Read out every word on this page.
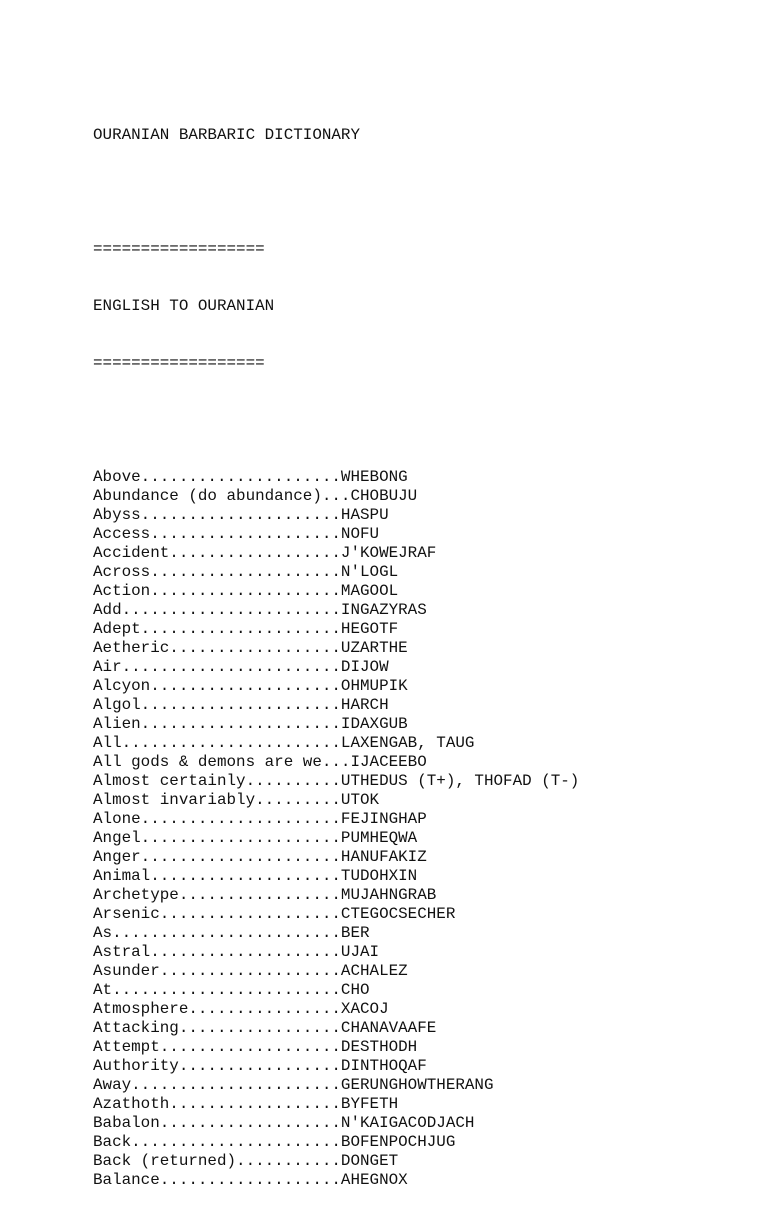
OURANIAN BARBARIC DICTIONARY

==================

ENGLISH TO OURANIAN

==================

Above.....................WHEBONG
Abundance (do abundance)...CHOBUJU
Abyss.....................HASPU
Access....................NOFU
Accident..................J'KOWEJRAF
Across....................N'LOGL
Action....................MAGOOL
Add.......................INGAZYRAS
Adept.....................HEGOTF
Aetheric..................UZARTHE
Air.......................DIJOW
Alcyon....................OHMUPIK
Algol.....................HARCH
Alien.....................IDAXGUB
All.......................LAXENGAB, TAUG
All gods & demons are we...IJACEEBO
Almost certainly..........UTHEDUS (T+), THOFAD (T-)
Almost invariably.........UTOK
Alone.....................FEJINGHAP
Angel.....................PUMHEQWA
Anger.....................HANUFAKIZ
Animal....................TUDOHXIN
Archetype.................MUJAHNGRAB
Arsenic...................CTEGOCSECHER
As........................BER
Astral....................UJAI
Asunder...................ACHALEZ
At........................CHO
Atmosphere................XACOJ
Attacking.................CHANAVAAFE
Attempt...................DESTHODH
Authority.................DINTHOQAF
Away......................GERUNGHOWTHERANG
Azathoth..................BYFETH
Babalon...................N'KAIGACODJACH
Back......................BOFENPOCHJUG
Back (returned)...........DONGET
Balance...................AHEGNOX
